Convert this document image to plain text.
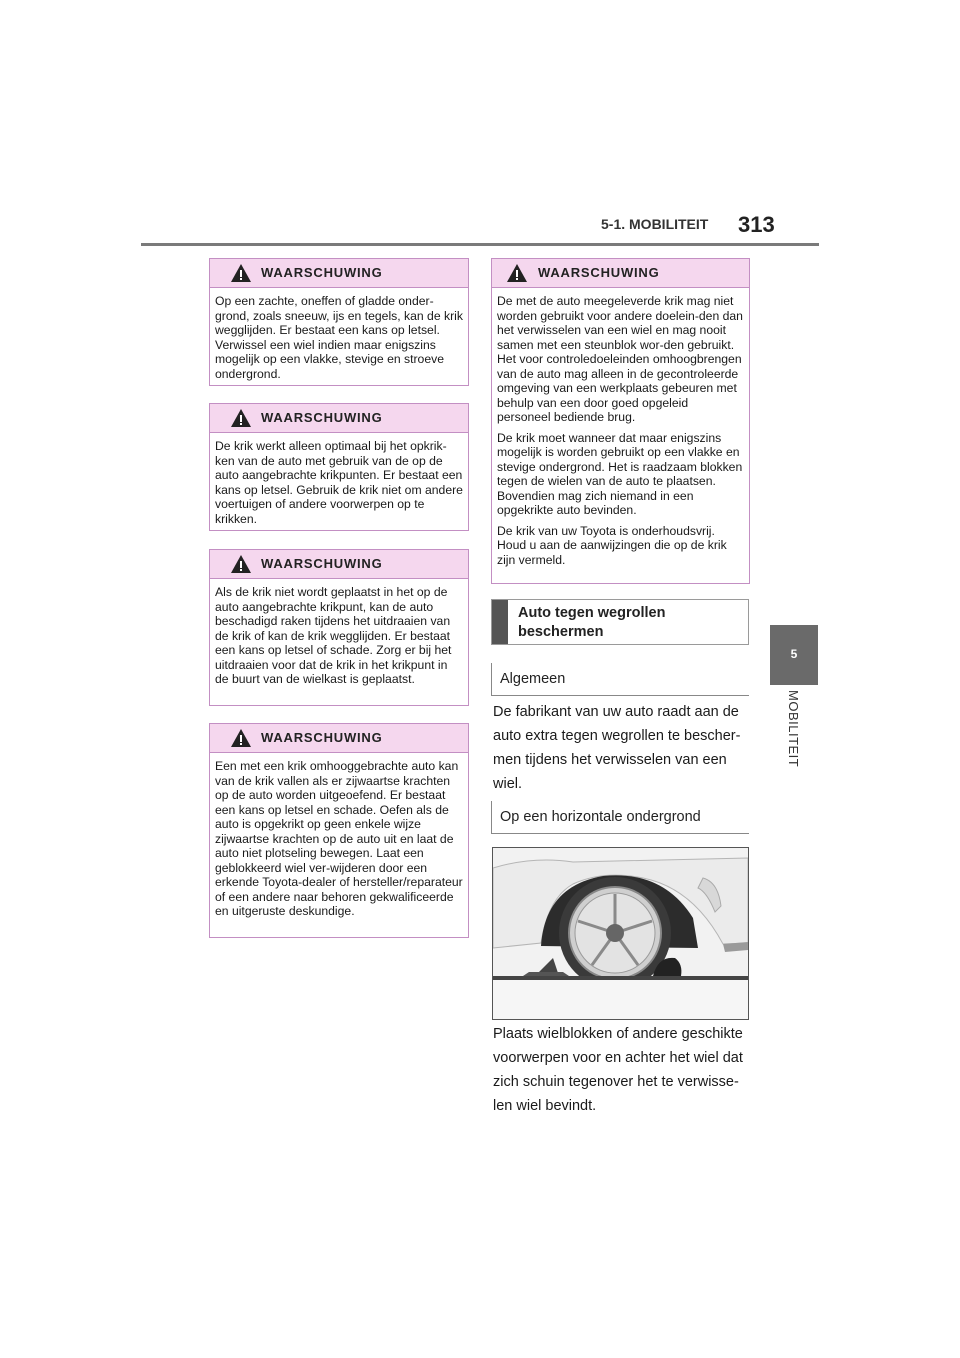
5-1. MOBILITEIT 313
5
MOBILITEIT
WAARSCHUWING

Op een zachte, oneffen of gladde onder-grond, zoals sneeuw, ijs en tegels, kan de krik wegglijden. Er bestaat een kans op letsel. Verwissel een wiel indien maar enigszins mogelijk op een vlakke, stevige en stroeve ondergrond.

WAARSCHUWING

De krik werkt alleen optimaal bij het opkrik-ken van de auto met gebruik van de op de auto aangebrachte krikpunten. Er bestaat een kans op letsel. Gebruik de krik niet om andere voertuigen of andere voorwerpen op te krikken.

WAARSCHUWING

Als de krik niet wordt geplaatst in het op de auto aangebrachte krikpunt, kan de auto beschadigd raken tijdens het uitdraaien van de krik of kan de krik wegglijden. Er bestaat een kans op letsel of schade. Zorg er bij het uitdraaien voor dat de krik in het krikpunt in de buurt van de wielkast is geplaatst.

WAARSCHUWING

Een met een krik omhooggebrachte auto kan van de krik vallen als er zijwaartse krachten op de auto worden uitgeoefend. Er bestaat een kans op letsel en schade. Oefen als de auto is opgekrikt op geen enkele wijze zijwaartse krachten op de auto uit en laat de auto niet plotseling bewegen. Laat een geblokkeerd wiel ver-wijderen door een erkende Toyota-dealer of hersteller/reparateur of een andere naar behoren gekwalificeerde en uitgeruste deskundige.

WAARSCHUWING

De met de auto meegeleverde krik mag niet worden gebruikt voor andere doelein-den dan het verwisselen van een wiel en mag nooit samen met een steunblok wor-den gebruikt. Het voor controledoeleinden omhoogbrengen van de auto mag alleen in de gecontroleerde omgeving van een werkplaats gebeuren met behulp van een door goed opgeleid personeel bediende brug.

De krik moet wanneer dat maar enigszins mogelijk is worden gebruikt op een vlakke en stevige ondergrond. Het is raadzaam blokken tegen de wielen van de auto te plaatsen. Bovendien mag zich niemand in een opgekrikte auto bevinden.

De krik van uw Toyota is onderhoudsvrij. Houd u aan de aanwijzingen die op de krik zijn vermeld.

Auto tegen wegrollen beschermen
Algemeen

De fabrikant van uw auto raadt aan de auto extra tegen wegrollen te bescher-men tijdens het verwisselen van een wiel.

Op een horizontale ondergrond

Plaats wielblokken of andere geschikte voorwerpen voor en achter het wiel dat zich schuin tegenover het te verwisse-len wiel bevindt.
